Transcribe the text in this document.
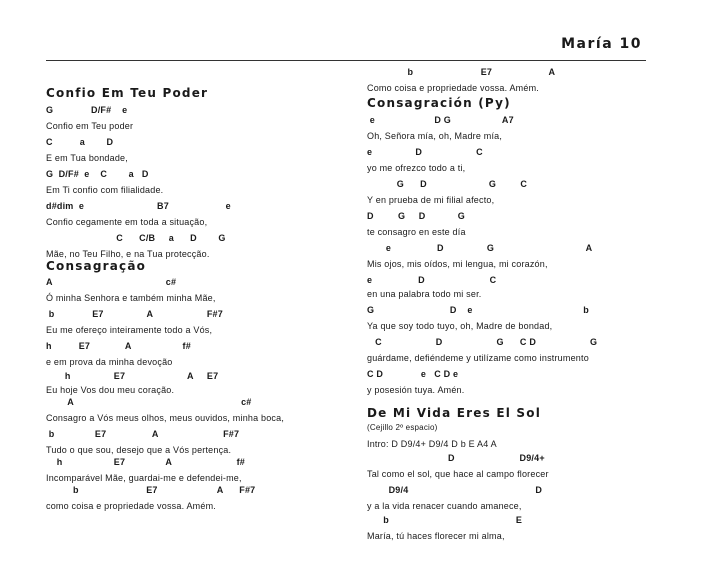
María 10

Confio Em Teu Poder

G              D/F#    e

Confio em Teu poder

C          a        D

E em Tua bondade,

G  D/F#  e    C        a   D

Em Ti confio com filialidade.

d#dim  e                           B7                     e

Confio cegamente em toda a situação,

C      C/B     a      D        G

Mãe, no Teu Filho, e na Tua protecção.

Consagração

A                                          c#

Ó minha Senhora e também minha Mãe,

b              E7                A                    F#7

Eu me ofereço inteiramente todo a Vós,

h          E7             A                   f#

e em prova da minha devoção

h                E7                       A     E7

Eu hoje Vos dou meu coração.

A                                                              c#

Consagro a Vós meus olhos, meus ouvidos, minha boca,

b               E7                 A                        F#7

Tudo o que sou, desejo que a Vós pertença.

h                   E7               A                        f#

Incomparável Mãe, guardai-me e defendei-me,

b                         E7                      A      F#7

como coisa e propriedade vossa. Amém.

b                         E7                     A

Como coisa e propriedade vossa. Amém.

Consagración (Py)

e                      D G                   A7

Oh, Señora mía, oh, Madre mía,

e                D                    C

yo me ofrezco todo a ti,

G      D                       G         C

Y en prueba de mi filial afecto,

D         G     D            G

te consagro en este día

e                 D                G                                  A

Mis ojos, mis oídos, mi lengua, mi corazón,

e                 D                        C

en una palabra todo mi ser.

G                            D    e                                         b

Ya que soy todo tuyo, oh, Madre de bondad,

C                    D                    G      C D                    G

guárdame, defiéndeme y utilízame como instrumento

C D              e   C D e

y posesión tuya. Amén.

De Mi Vida Eres El Sol

(Cejillo 2º espacio)

Intro: D D9/4+ D9/4 D b E A4 A

D                        D9/4+

Tal como el sol, que hace al campo florecer

D9/4                                               D

y a la vida renacer cuando amanece,

b                                               E

María, tú haces florecer mi alma,
